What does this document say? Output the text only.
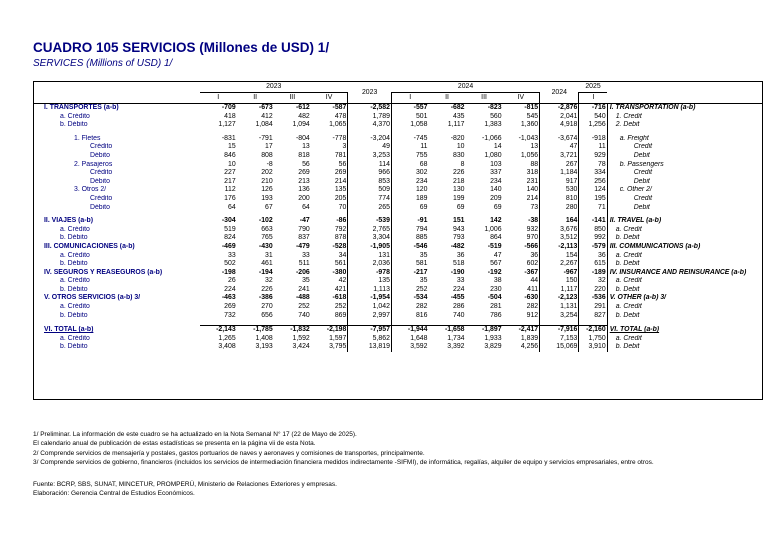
CUADRO 105 SERVICIOS (Millones de USD) 1/
SERVICES (Millions of USD) 1/
	2023					2024					2025	
	I	II	III	IV	2023	I	II	III	IV	2024	I	
I. TRANSPORTES (a-b)	-709	-673	-612	-587	-2,582	-557	-682	-823	-815	-2,876	-716	I. TRANSPORTATION (a-b)
a. Crédito	418	412	482	478	1,789	501	435	560	545	2,041	540	1. Credit
b. Débito	1,127	1,084	1,094	1,065	4,370	1,058	1,117	1,383	1,360	4,918	1,256	2. Debit

1. Fletes	-831	-791	-804	-778	-3,204	-745	-820	-1,066	-1,043	-3,674	-918	a. Freight
Crédito	15	17	13	3	49	11	10	14	13	47	11	Credit
Débito	846	808	818	781	3,253	755	830	1,080	1,056	3,721	929	Debit
2. Pasajeros	10	-8	56	56	114	68	8	103	88	267	78	b. Passengers
Crédito	227	202	269	269	966	302	226	337	318	1,184	334	Credit
Débito	217	210	213	214	853	234	218	234	231	917	256	Debit
3. Otros 2/	112	126	136	135	509	120	130	140	140	530	124	c. Other 2/
Crédito	176	193	200	205	774	189	199	209	214	810	195	Credit
Débito	64	67	64	70	265	69	69	69	73	280	71	Debit

II. VIAJES (a-b)	-304	-102	-47	-86	-539	-91	151	142	-38	164	-141	II. TRAVEL (a-b)
a. Crédito	519	663	790	792	2,765	794	943	1,006	932	3,676	850	a. Credit
b. Débito	824	765	837	878	3,304	885	793	864	970	3,512	992	b. Debit
III. COMUNICACIONES (a-b)	-469	-430	-479	-528	-1,905	-546	-482	-519	-566	-2,113	-579	III. COMMUNICATIONS (a-b)
a. Crédito	33	31	33	34	131	35	36	47	36	154	36	a. Credit
b. Débito	502	461	511	561	2,036	581	518	567	602	2,267	615	b. Debit
IV. SEGUROS Y REASEGUROS (a-b)	-198	-194	-206	-380	-978	-217	-190	-192	-367	-967	-189	IV. INSURANCE AND REINSURANCE (a-b)
a. Crédito	26	32	35	42	135	35	33	38	44	150	32	a. Credit
b. Débito	224	226	241	421	1,113	252	224	230	411	1,117	220	b. Debit
V. OTROS SERVICIOS (a-b) 3/	-463	-386	-488	-618	-1,954	-534	-455	-504	-630	-2,123	-536	V. OTHER (a-b) 3/
a. Crédito	269	270	252	252	1,042	282	286	281	282	1,131	291	a. Credit
b. Débito	732	656	740	869	2,997	816	740	786	912	3,254	827	b. Debit

VI. TOTAL (a-b)	-2,143	-1,785	-1,832	-2,198	-7,957	-1,944	-1,658	-1,897	-2,417	-7,916	-2,160	VI. TOTAL (a-b)
a. Crédito	1,265	1,408	1,592	1,597	5,862	1,648	1,734	1,933	1,839	7,153	1,750	a. Credit
b. Débito	3,408	3,193	3,424	3,795	13,819	3,592	3,392	3,829	4,256	15,069	3,910	b. Debit
1/ Preliminar. La información de este cuadro se ha actualizado en la Nota Semanal N° 17 (22 de Mayo de 2025).
El calendario anual de publicación de estas estadísticas se presenta en la página vii de esta Nota.
2/ Comprende servicios de mensajería y postales, gastos portuarios de naves y aeronaves y comisiones de transportes, principalmente.
3/ Comprende servicios de gobierno, financieros (incluidos los servicios de intermediación financiera medidos indirectamente -SIFMI), de informática, regalías, alquiler de equipo y servicios empresariales, entre otros.
Fuente: BCRP, SBS, SUNAT, MINCETUR, PROMPERÚ, Ministerio de Relaciones Exteriores y empresas.
Elaboración: Gerencia Central de Estudios Económicos.
